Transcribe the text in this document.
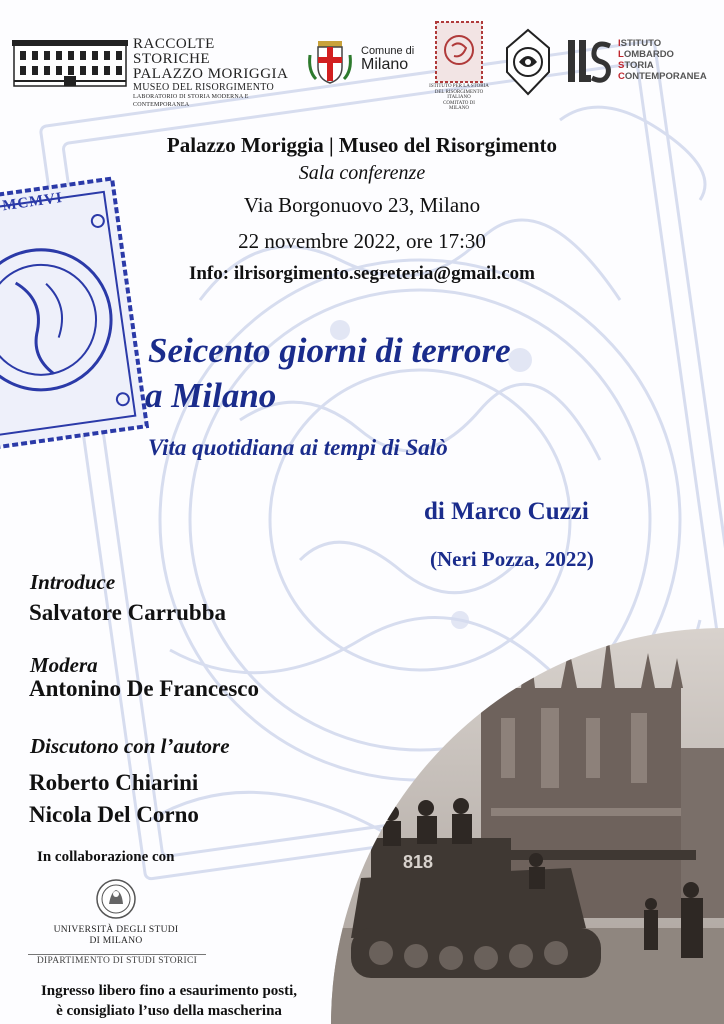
MCMVI
RACCOLTE STORICHE
PALAZZO MORIGGIA
MUSEO DEL RISORGIMENTO
LABORATORIO DI STORIA MODERNA E CONTEMPORANEA
Comune di
Milano
ISTITUTO PER LA STORIA
DEL RISORGIMENTO
ITALIANO
COMITATO DI
MILANO
ISTITUTO
LOMBARDO
STORIA
CONTEMPORANEA
Palazzo Moriggia | Museo del Risorgimento
Sala conferenze
Via Borgonuovo 23, Milano
22 novembre 2022, ore 17:30
Info: ilrisorgimento.segreteria@gmail.com
Seicento giorni di terrore
a Milano
Vita quotidiana ai tempi di Salò
di Marco Cuzzi
(Neri Pozza, 2022)
Introduce
Salvatore Carrubba
Modera
Antonino De Francesco
Discutono con l’autore
Roberto Chiarini
Nicola Del Corno
In collaborazione con
UNIVERSITÀ DEGLI STUDI
DI MILANO
DIPARTIMENTO DI STUDI STORICI
Ingresso libero fino a esaurimento posti,
è consigliato l’uso della mascherina
818
